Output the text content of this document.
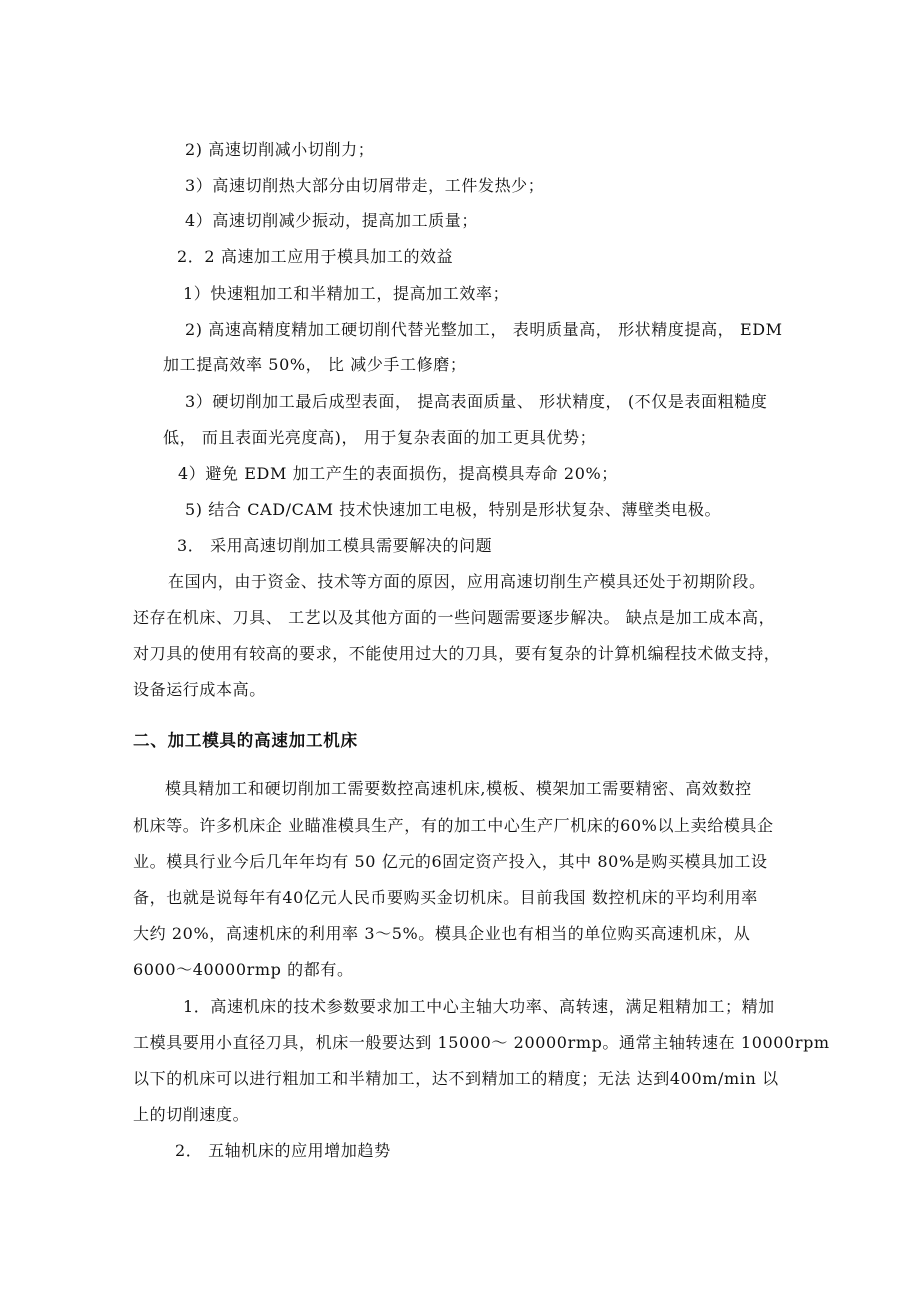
2) 高速切削减小切削力；
3）高速切削热大部分由切屑带走，工件发热少；
4）高速切削减少振动，提高加工质量；
2．2 高速加工应用于模具加工的效益
1）快速粗加工和半精加工，提高加工效率；
2) 高速高精度精加工硬切削代替光整加工， 表明质量高， 形状精度提高， EDM
加工提高效率 50%， 比 减少手工修磨；
3）硬切削加工最后成型表面， 提高表面质量、 形状精度， (不仅是表面粗糙度
低， 而且表面光亮度高)， 用于复杂表面的加工更具优势；
4）避免 EDM 加工产生的表面损伤，提高模具寿命 20%；
5) 结合 CAD/CAM 技术快速加工电极，特别是形状复杂、薄壁类电极。
3． 采用高速切削加工模具需要解决的问题
在国内，由于资金、技术等方面的原因，应用高速切削生产模具还处于初期阶段。
还存在机床、刀具、 工艺以及其他方面的一些问题需要逐步解决。 缺点是加工成本高，
对刀具的使用有较高的要求，不能使用过大的刀具，要有复杂的计算机编程技术做支持，
设备运行成本高。
二、加工模具的高速加工机床
模具精加工和硬切削加工需要数控高速机床,模板、模架加工需要精密、高效数控
机床等。许多机床企 业瞄准模具生产，有的加工中心生产厂机床的60%以上卖给模具企
业。模具行业今后几年年均有 50 亿元的6固定资产投入，其中 80%是购买模具加工设
备，也就是说每年有40亿元人民币要购买金切机床。目前我国 数控机床的平均利用率
大约 20%，高速机床的利用率 3～5%。模具企业也有相当的单位购买高速机床，从
6000～40000rmp 的都有。
1．高速机床的技术参数要求加工中心主轴大功率、高转速，满足粗精加工；精加
工模具要用小直径刀具，机床一般要达到 15000～ 20000rmp。通常主轴转速在 10000rpm
以下的机床可以进行粗加工和半精加工，达不到精加工的精度；无法 达到400m/min 以
上的切削速度。
2． 五轴机床的应用增加趋势
